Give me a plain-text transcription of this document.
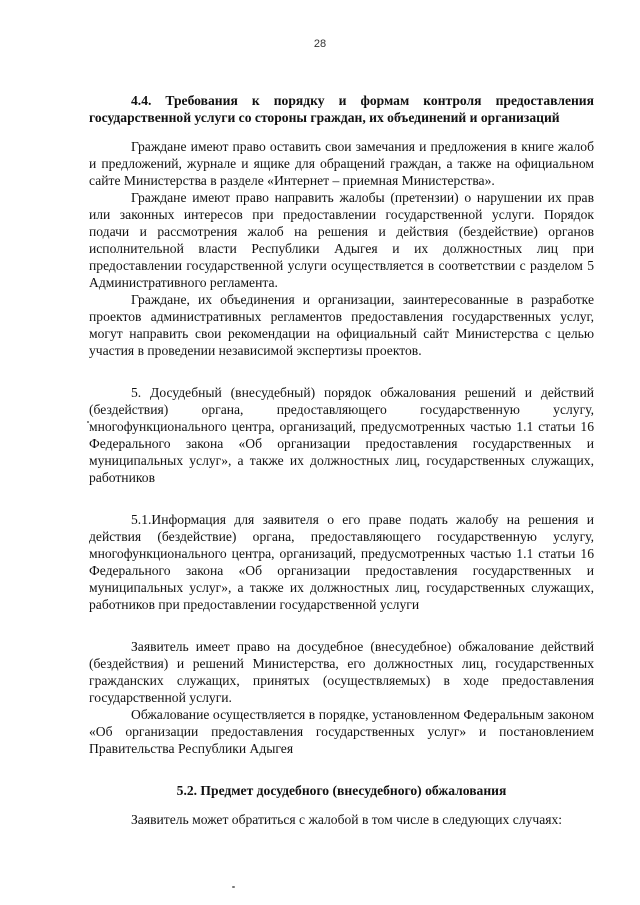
28

4.4. Требования к порядку и формам контроля предоставления государственной услуги со стороны граждан, их объединений и организаций

Граждане имеют право оставить свои замечания и предложения в книге жалоб и предложений, журнале и ящике для обращений граждан, а также на официальном сайте Министерства в разделе «Интернет – приемная Министерства».

Граждане имеют право направить жалобы (претензии) о нарушении их прав или законных интересов при предоставлении государственной услуги. Порядок подачи и рассмотрения жалоб на решения и действия (бездействие) органов исполнительной власти Республики Адыгея и их должностных лиц при предоставлении государственной услуги осуществляется в соответствии с разделом 5 Административного регламента.

Граждане, их объединения и организации, заинтересованные в разработке проектов административных регламентов предоставления государственных услуг, могут направить свои рекомендации на официальный сайт Министерства с целью участия в проведении независимой экспертизы проектов.

5. Досудебный (внесудебный) порядок обжалования решений и действий (бездействия) органа, предоставляющего государственную услугу, многофункционального центра, организаций, предусмотренных частью 1.1 статьи 16 Федерального закона «Об организации предоставления государственных и муниципальных услуг», а также их должностных лиц, государственных служащих, работников

5.1.Информация для заявителя о его праве подать жалобу на решения и действия (бездействие) органа, предоставляющего государственную услугу, многофункционального центра, организаций, предусмотренных частью 1.1 статьи 16 Федерального закона «Об организации предоставления государственных и муниципальных услуг», а также их должностных лиц, государственных служащих, работников при предоставлении государственной услуги

Заявитель имеет право на досудебное (внесудебное) обжалование действий (бездействия) и решений Министерства, его должностных лиц, государственных гражданских служащих, принятых (осуществляемых) в ходе предоставления государственной услуги.

Обжалование осуществляется в порядке, установленном Федеральным законом «Об организации предоставления государственных услуг» и постановлением Правительства Республики Адыгея

5.2. Предмет досудебного (внесудебного) обжалования

Заявитель может обратиться с жалобой в том числе в следующих случаях:
